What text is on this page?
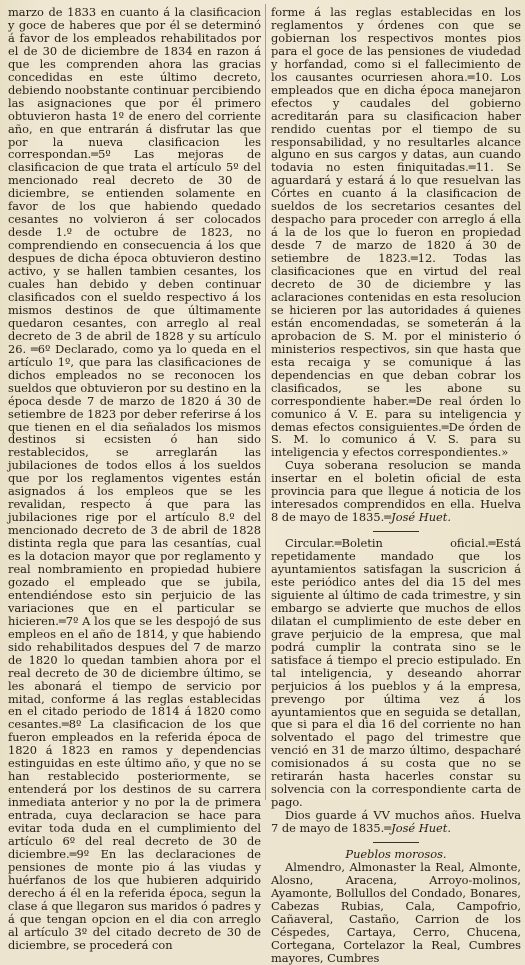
marzo de 1833 en cuanto á la clasificacion y goce de haberes que por él se determinó á favor de los empleados rehabilitados por el de 30 de diciembre de 1834 en razon á que les comprenden ahora las gracias concedidas en este último decreto, debiendo noobstante continuar percibiendo las asignaciones que por él primero obtuvieron hasta 1º de enero del corriente año, en que entrarán á disfrutar las que por la nueva clasificacion les correspondan.═5º Las mejoras de clasificacion de que trata el artículo 5º del mencionado real decreto de 30 de diciembre, se entienden solamente en favor de los que habiendo quedado cesantes no volvieron á ser colocados desde 1.º de octubre de 1823, no comprendiendo en consecuencia á los que despues de dicha época obtuvieron destino activo, y se hallen tambien cesantes, los cuales han debido y deben continuar clasificados con el sueldo respectivo á los mismos destinos de que últimamente quedaron cesantes, con arreglo al real decreto de 3 de abril de 1828 y su artículo 26. ═6º Declarado, como ya lo queda en el artículo 1º, que para las clasificaciones de dichos empleados no se reconocen los sueldos que obtuvieron por su destino en la época desde 7 de marzo de 1820 á 30 de setiembre de 1823 por deber referirse á los que tienen en el dia señalados los mismos destinos si ecsisten ó han sido restablecidos, se arreglarán las jubilaciones de todos ellos á los sueldos que por los reglamentos vigentes están asignados á los empleos que se les revalidan, respecto á que para las jubilaciones rige por el artículo 8.º del mencionado decreto de 3 de abril de 1828 distinta regla que para las cesantías, cual es la dotacion mayor que por reglamento y real nombramiento en propiedad hubiere gozado el empleado que se jubila, entendiéndose esto sin perjuicio de las variaciones que en el particular se hicieren.═7º A los que se les despojó de sus empleos en el año de 1814, y que habiendo sido rehabilitados despues del 7 de marzo de 1820 lo quedan tambien ahora por el real decreto de 30 de diciembre último, se les abonará el tiempo de servicio por mitad, conforme á las reglas establecidas en el citado periodo de 1814 á 1820 como cesantes.═8º La clasificacion de los que fueron empleados en la referida época de 1820 á 1823 en ramos y dependencias estinguidas en este último año, y que no se han restablecido posteriormente, se entenderá por los destinos de su carrera inmediata anterior y no por la de primera entrada, cuya declaracion se hace para evitar toda duda en el cumplimiento del artículo 6º del real decreto de 30 de diciembre.═9º En las declaraciones de pensiones de monte pio á las viudas y huérfanos de los que hubieren adquirido derecho á él en la referida época, segun la clase á que llegaron sus maridos ó padres y á que tengan opcion en el dia con arreglo al artículo 3º del citado decreto de 30 de diciembre, se procederá con

forme á las reglas establecidas en los reglamentos y órdenes con que se gobiernan los respectivos montes pios para el goce de las pensiones de viudedad y horfandad, como si el fallecimiento de los causantes ocurriesen ahora.═10. Los empleados que en dicha época manejaron efectos y caudales del gobierno acreditarán para su clasificacion haber rendido cuentas por el tiempo de su responsabilidad, y no resultarles alcance alguno en sus cargos y datas, aun cuando todavia no esten finiquitadas.═11. Se aguardará y estará á lo que resuelvan las Córtes en cuanto á la clasificacion de sueldos de los secretarios cesantes del despacho para proceder con arreglo á ella á la de los que lo fueron en propiedad desde 7 de marzo de 1820 á 30 de setiembre de 1823.═12. Todas las clasificaciones que en virtud del real decreto de 30 de diciembre y las aclaraciones contenidas en esta resolucion se hicieren por las autoridades á quienes están encomendadas, se someterán á la aprobacion de S. M. por el ministerio ó ministerios respectivos, sin que hasta que esta recaiga y se comunique á las dependencias en que deban cobrar los clasificados, se les abone su correspondiente haber.═De real órden lo comunico á V. E. para su inteligencia y demas efectos consiguientes.═De órden de S. M. lo comunico á V. S. para su inteligencia y efectos correspondientes.»

Cuya soberana resolucion se manda insertar en el boletin oficial de esta provincia para que llegue á noticia de los interesados comprendidos en ella. Huelva 8 de mayo de 1835.═José Huet.

Circular.═Boletin oficial.═Está repetidamente mandado que los ayuntamientos satisfagan la suscricion á este periódico antes del dia 15 del mes siguiente al último de cada trimestre, y sin embargo se advierte que muchos de ellos dilatan el cumplimiento de este deber en grave perjuicio de la empresa, que mal podrá cumplir la contrata sino se le satisface á tiempo el precio estipulado. En tal inteligencia, y deseando ahorrar perjuicios á los pueblos y á la empresa, prevengo por última vez á los ayuntamientos que en seguida se detallan, que si para el dia 16 del corriente no han solventado el pago del trimestre que venció en 31 de marzo último, despacharé comisionados á su costa que no se retirarán hasta hacerles constar su solvencia con la correspondiente carta de pago.

Dios guarde á VV muchos años. Huelva 7 de mayo de 1835.═José Huet.

Pueblos morosos.

Almendro, Almonaster la Real, Almonte, Alosno, Aracena, Arroyo-molinos, Ayamonte, Bollullos del Condado, Bonares, Cabezas Rubias, Cala, Campofrio, Cañaveral, Castaño, Carrion de los Céspedes, Cartaya, Cerro, Chucena, Cortegana, Cortelazor la Real, Cumbres mayores, Cumbres
